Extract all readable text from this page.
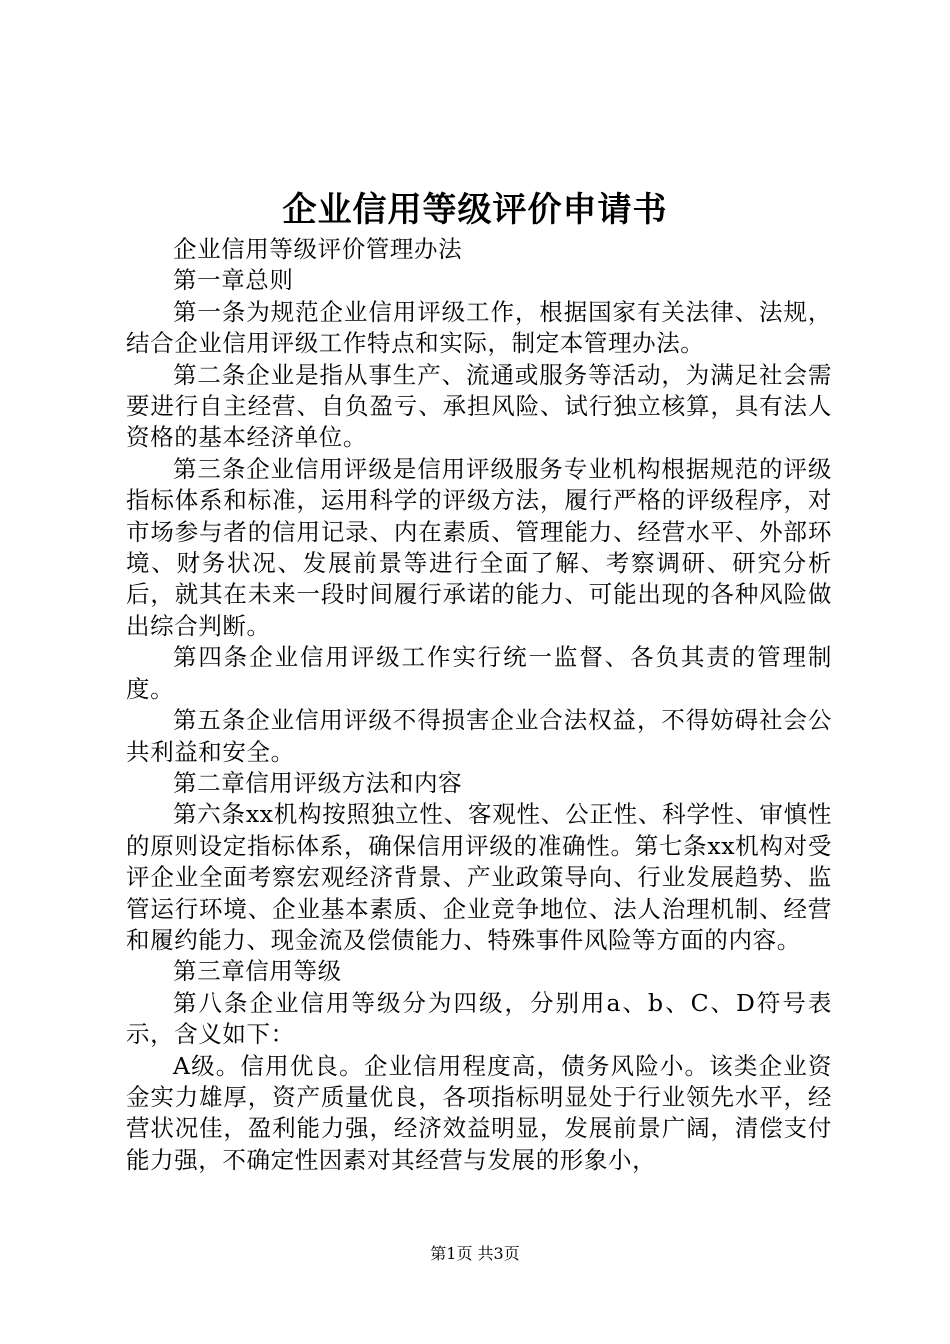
企业信用等级评价申请书

企业信用等级评价管理办法

第一章总则

第一条为规范企业信用评级工作，根据国家有关法律、法规，结合企业信用评级工作特点和实际，制定本管理办法。

第二条企业是指从事生产、流通或服务等活动，为满足社会需要进行自主经营、自负盈亏、承担风险、试行独立核算，具有法人资格的基本经济单位。

第三条企业信用评级是信用评级服务专业机构根据规范的评级指标体系和标准，运用科学的评级方法，履行严格的评级程序，对市场参与者的信用记录、内在素质、管理能力、经营水平、外部环境、财务状况、发展前景等进行全面了解、考察调研、研究分析后，就其在未来一段时间履行承诺的能力、可能出现的各种风险做出综合判断。

第四条企业信用评级工作实行统一监督、各负其责的管理制度。

第五条企业信用评级不得损害企业合法权益，不得妨碍社会公共利益和安全。

第二章信用评级方法和内容

第六条xx机构按照独立性、客观性、公正性、科学性、审慎性的原则设定指标体系，确保信用评级的准确性。第七条xx机构对受评企业全面考察宏观经济背景、产业政策导向、行业发展趋势、监管运行环境、企业基本素质、企业竞争地位、法人治理机制、经营和履约能力、现金流及偿债能力、特殊事件风险等方面的内容。

第三章信用等级

第八条企业信用等级分为四级，分别用a、b、C、D符号表示，含义如下：

A级。信用优良。企业信用程度高，债务风险小。该类企业资金实力雄厚，资产质量优良，各项指标明显处于行业领先水平，经营状况佳，盈利能力强，经济效益明显，发展前景广阔，清偿支付能力强，不确定性因素对其经营与发展的形象小，

第1页 共3页
